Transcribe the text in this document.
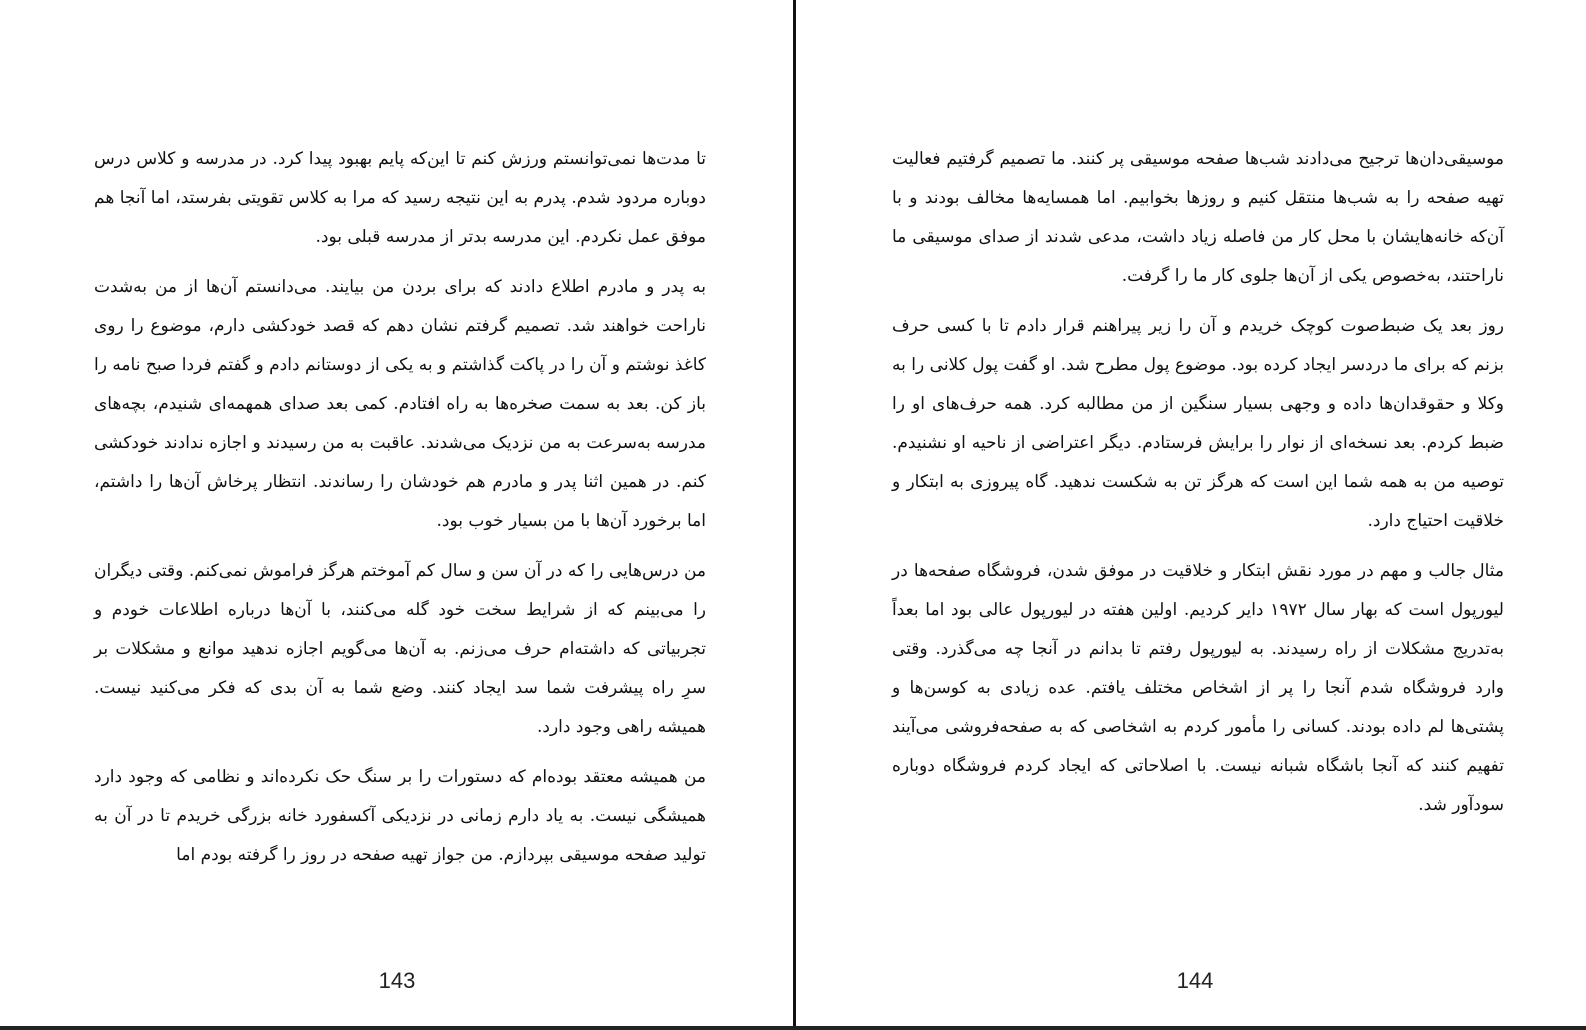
تا مدت‌ها نمی‌توانستم ورزش کنم تا این‌که پایم بهبود پیدا کرد. در مدرسه و کلاس درس دوباره مردود شدم. پدرم به این نتیجه رسید که مرا به کلاس تقویتی بفرستد، اما آنجا هم موفق عمل نکردم. این مدرسه بدتر از مدرسه قبلی بود.

به پدر و مادرم اطلاع دادند که برای بردن من بیایند. می‌دانستم آن‌ها از من به‌شدت ناراحت خواهند شد. تصمیم گرفتم نشان دهم که قصد خودکشی دارم، موضوع را روی کاغذ نوشتم و آن را در پاکت گذاشتم و به یکی از دوستانم دادم و گفتم فردا صبح نامه را باز کن. بعد به سمت صخره‌ها به راه افتادم. کمی بعد صدای همهمه‌ای شنیدم، بچه‌های مدرسه به‌سرعت به من نزدیک می‌شدند. عاقبت به من رسیدند و اجازه ندادند خودکشی کنم. در همین اثنا پدر و مادرم هم خودشان را رساندند. انتظار پرخاش آن‌ها را داشتم، اما برخورد آن‌ها با من بسیار خوب بود.

من درس‌هایی را که در آن سن و سال کم آموختم هرگز فراموش نمی‌کنم. وقتی دیگران را می‌بینم که از شرایط سخت خود گله می‌کنند، با آن‌ها درباره اطلاعات خودم و تجربیاتی که داشته‌ام حرف می‌زنم. به آن‌ها می‌گویم اجازه ندهید موانع و مشکلات بر سرِ راه پیشرفت شما سد ایجاد کنند. وضع شما به آن بدی که فکر می‌کنید نیست. همیشه راهی وجود دارد.

من همیشه معتقد بوده‌ام که دستورات را بر سنگ حک نکرده‌اند و نظامی که وجود دارد همیشگی نیست. به یاد دارم زمانی در نزدیکی آکسفورد خانه بزرگی خریدم تا در آن به تولید صفحه موسیقی بپردازم. من جواز تهیه صفحه در روز را گرفته بودم اما

143

موسیقی‌دان‌ها ترجیح می‌دادند شب‌ها صفحه موسیقی پر کنند. ما تصمیم گرفتیم فعالیت تهیه صفحه را به شب‌ها منتقل کنیم و روزها بخوابیم. اما همسایه‌ها مخالف بودند و با آن‌که خانه‌هایشان با محل کار من فاصله زیاد داشت، مدعی شدند از صدای موسیقی ما ناراحتند، به‌خصوص یکی از آن‌ها جلوی کار ما را گرفت.

روز بعد یک ضبط‌صوت کوچک خریدم و آن را زیر پیراهنم قرار دادم تا با کسی حرف بزنم که برای ما دردسر ایجاد کرده بود. موضوع پول مطرح شد. او گفت پول کلانی را به وکلا و حقوقدان‌ها داده و وجهی بسیار سنگین از من مطالبه کرد. همه حرف‌های او را ضبط کردم. بعد نسخه‌ای از نوار را برایش فرستادم. دیگر اعتراضی از ناحیه او نشنیدم. توصیه من به همه شما این است که هرگز تن به شکست ندهید. گاه پیروزی به ابتکار و خلاقیت احتیاج دارد.

مثال جالب و مهم در مورد نقش ابتکار و خلاقیت در موفق شدن، فروشگاه صفحه‌ها در لیورپول است که بهار سال ۱۹۷۲ دایر کردیم. اولین هفته در لیورپول عالی بود اما بعداً به‌تدریج مشکلات از راه رسیدند. به لیورپول رفتم تا بدانم در آنجا چه می‌گذرد. وقتی وارد فروشگاه شدم آنجا را پر از اشخاص مختلف یافتم. عده زیادی به کوسن‌ها و پشتی‌ها لم داده بودند. کسانی را مأمور کردم به اشخاصی که به صفحه‌فروشی می‌آیند تفهیم کنند که آنجا باشگاه شبانه نیست. با اصلاحاتی که ایجاد کردم فروشگاه دوباره سودآور شد.

144
